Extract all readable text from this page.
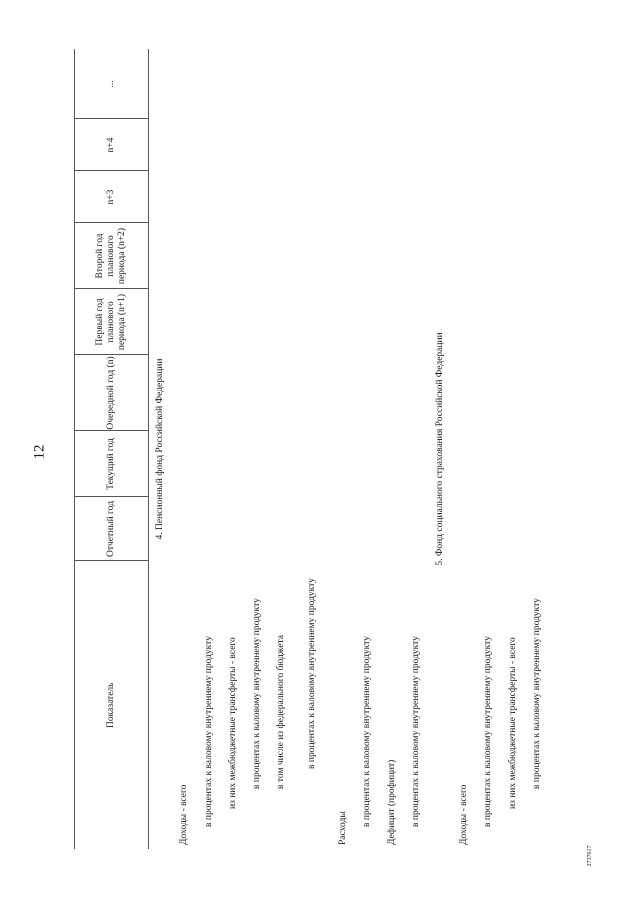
12
2737617
Показатель	Отчетный год	Текущий год	Очередной год (n)	Первый год планового периода (n+1)	Второй год планового периода (n+2)	n+3	n+4	...
4. Пенсионный фонд Российской Федерации								
Доходы - всего								
в процентах к валовому внутреннему продукту								
из них межбюджетные трансферты - всего								
в процентах к валовому внутреннему продукту								
в том числе из федерального бюджета								
в процентах к валовому внутреннему продукту								
Расходы								
в процентах к валовому внутреннему продукту								
Дефицит (профицит)								
в процентах к валовому внутреннему продукту								
5. Фонд социального страхования Российской Федерации								
Доходы - всего								
в процентах к валовому внутреннему продукту								
из них межбюджетные трансферты - всего								
в процентах к валовому внутреннему продукту								
